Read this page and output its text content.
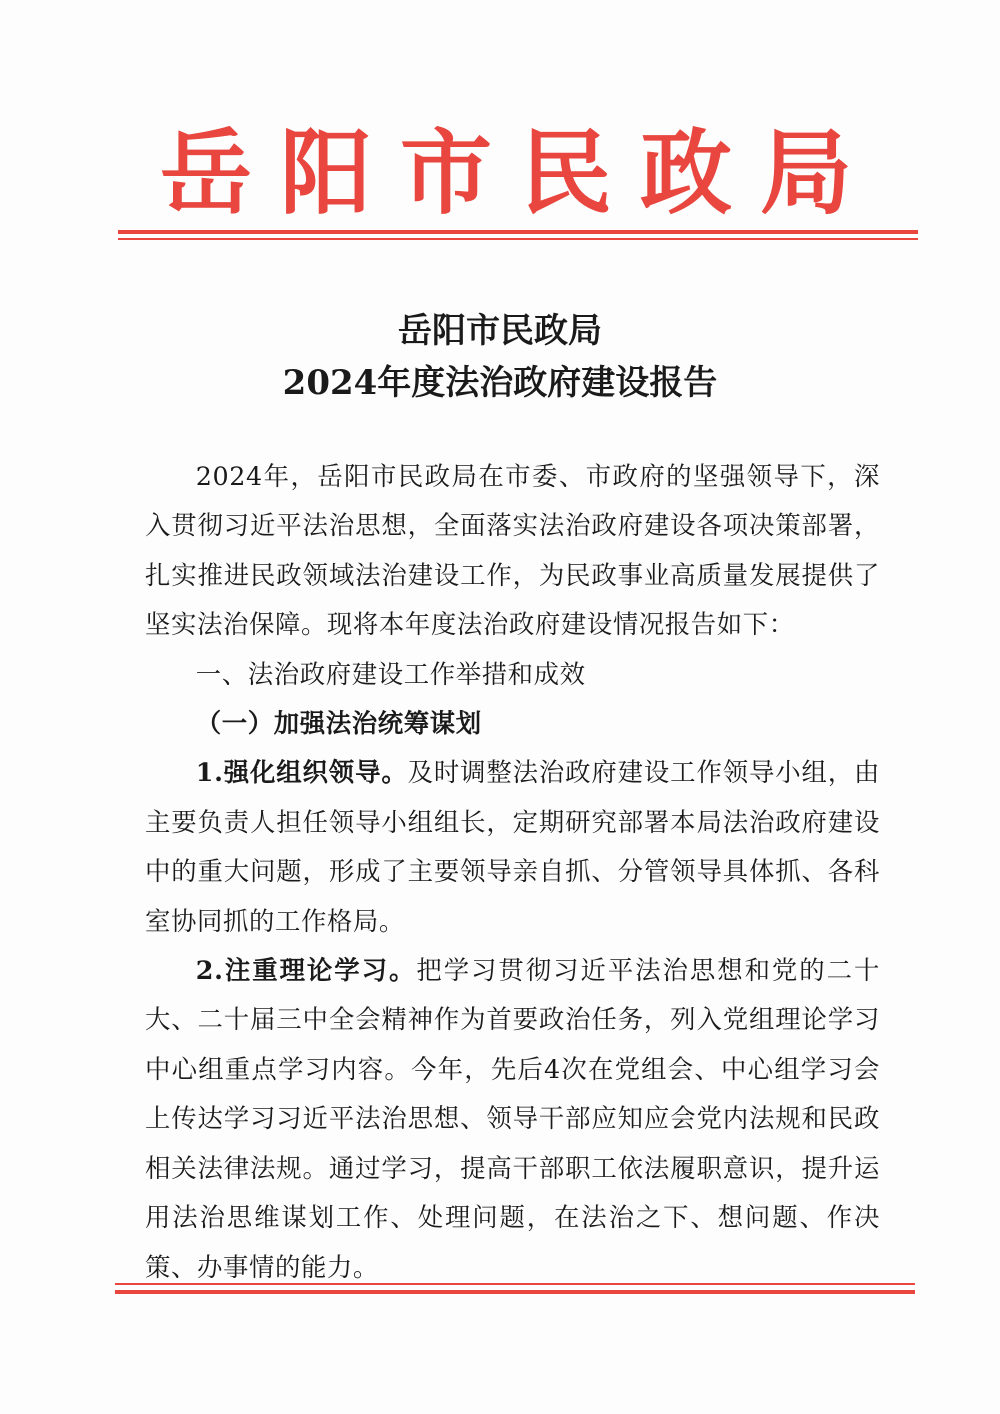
岳阳市民政局
岳阳市民政局
2024年度法治政府建设报告

2024年，岳阳市民政局在市委、市政府的坚强领导下，深入贯彻习近平法治思想，全面落实法治政府建设各项决策部署，扎实推进民政领域法治建设工作，为民政事业高质量发展提供了坚实法治保障。现将本年度法治政府建设情况报告如下：

一、法治政府建设工作举措和成效

（一）加强法治统筹谋划

1.强化组织领导。及时调整法治政府建设工作领导小组，由主要负责人担任领导小组组长，定期研究部署本局法治政府建设中的重大问题，形成了主要领导亲自抓、分管领导具体抓、各科室协同抓的工作格局。

2.注重理论学习。把学习贯彻习近平法治思想和党的二十大、二十届三中全会精神作为首要政治任务，列入党组理论学习中心组重点学习内容。今年，先后4次在党组会、中心组学习会上传达学习习近平法治思想、领导干部应知应会党内法规和民政相关法律法规。通过学习，提高干部职工依法履职意识，提升运用法治思维谋划工作、处理问题，在法治之下、想问题、作决策、办事情的能力。
